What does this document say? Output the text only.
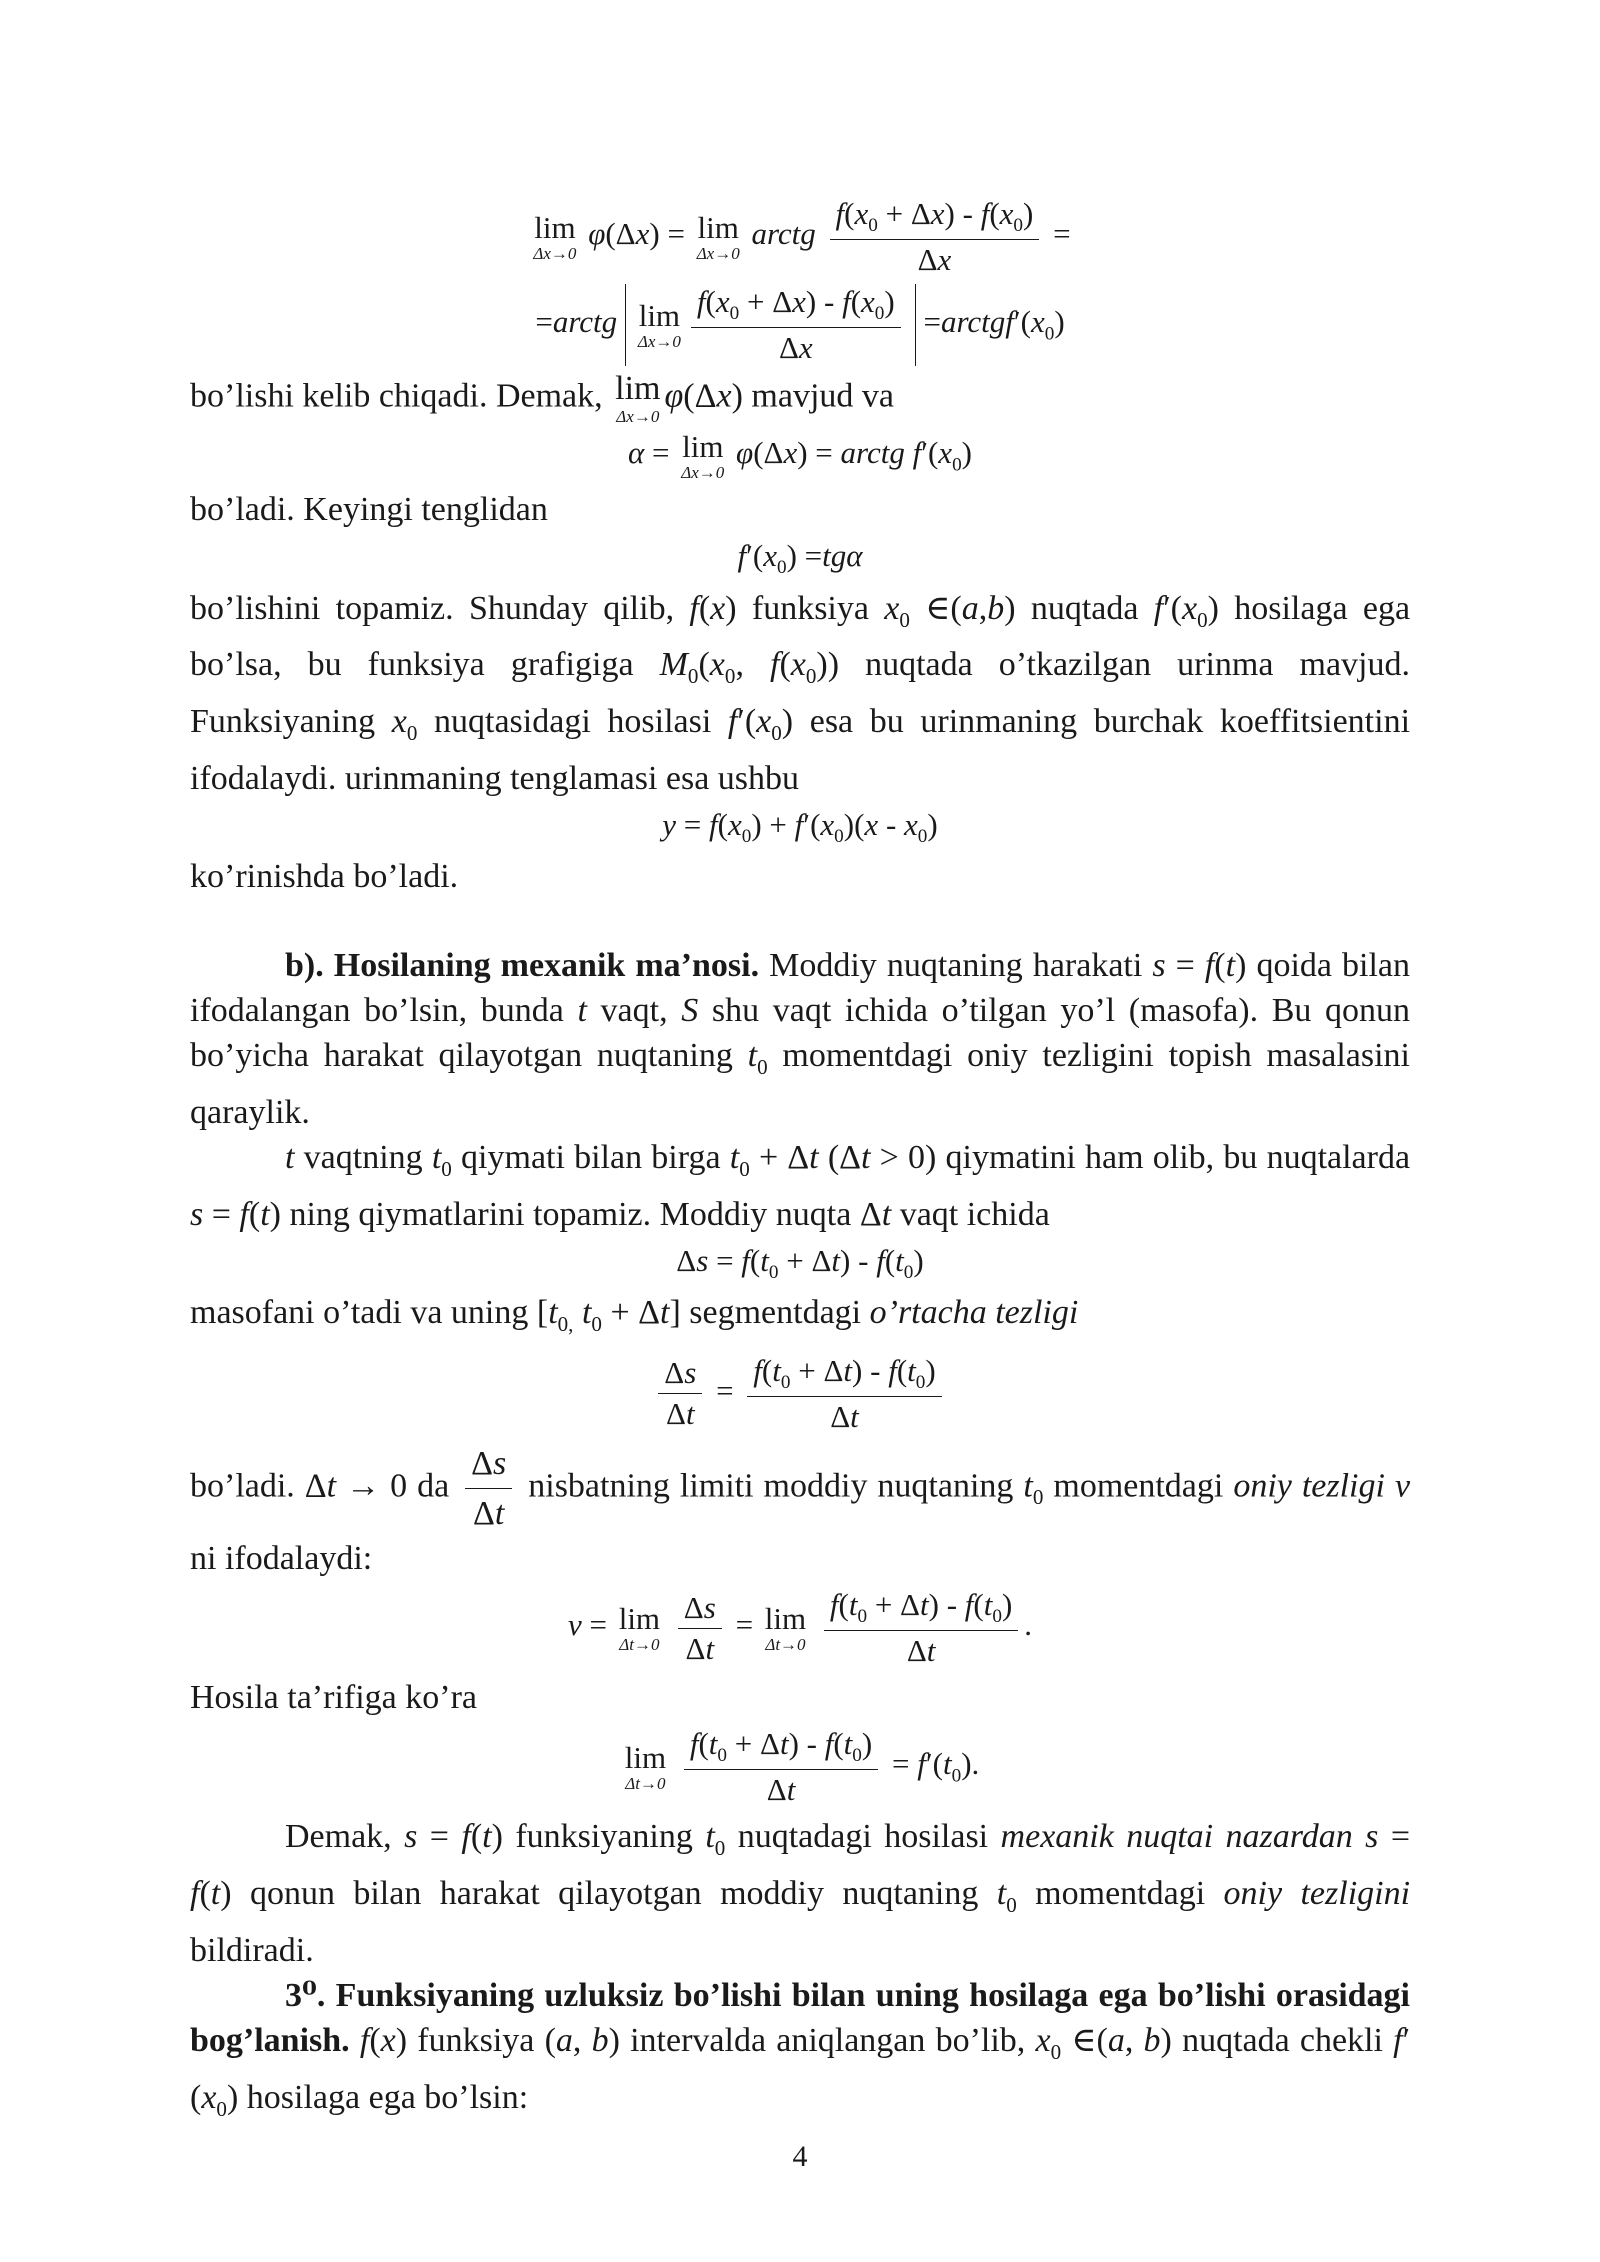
lim
Δx→0
φ(Δx) = lim
Δx→0
arctg $\frac{f(x_0 + \Delta x) - f(x_0)}{\Delta x}$ =
=arctg lim
$\Delta x\to 0 \frac{f(x_0 + \Delta x) - f(x_0)}{\Delta x}$ $=arctgf'(x_0)$

bo’lishi kelib chiqadi. Demak, lim
Δx→0
φ(Δx) mavjud va

α = lim
Δx→0
φ(Δx) = arctg $f'(x_0)$

bo’ladi. Keyingi tenglidan

$f'(x_0) =tg\alpha$

bo’lishini topamiz. Shunday qilib, f(x) funksiya $x_0$ ∈(a,b) nuqtada $f'(x_0)$ hosilaga ega bo’lsa, bu funksiya grafigiga $M_0(x_0$, $f(x_0)$) nuqtada o’tkazilgan urinma mavjud. Funksiyaning $x_0$ nuqtasidagi hosilasi $f'(x_0)$ esa bu urinmaning burchak koeffitsientini ifodalaydi. urinmaning tenglamasi esa ushbu

$y = f(x_0) + f'(x_0)(x - x_0)$

ko’rinishda bo’ladi.

b). Hosilaning mexanik ma’nosi. Moddiy nuqtaning harakati s = f(t) qoida bilan ifodalangan bo’lsin, bunda t vaqt, S shu vaqt ichida o’tilgan yo’l (masofa). Bu qonun bo’yicha harakat qilayotgan nuqtaning $t_0$ momentdagi oniy tezligini topish masalasini qaraylik.

t vaqtning $t_0$ qiymati bilan birga $t_0 + \Delta t$ (Δt > 0) qiymatini ham olib, bu nuqtalarda s = f(t) ning qiymatlarini topamiz. Moddiy nuqta Δt vaqt ichida

$\Delta s = f(t_0 + \Delta t) - f(t_0)$

masofani o’tadi va uning [$t_{0,}$ $t_0 + \Delta t$] segmentdagi o’rtacha tezligi

$\frac{\Delta s}{\Delta t} = \frac{f(t_0 + \Delta t) - f(t_0)}{\Delta t}$

bo’ladi. Δt → 0 da $\frac{\Delta s}{\Delta t}$ nisbatning limiti moddiy nuqtaning $t_0$ momentdagi oniy tezligi v ni ifodalaydi:

v = lim
Δt→0
$\frac{\Delta s}{\Delta t} = \lim$
Δt→0
$\frac{f(t_0 + \Delta t) - f(t_0)}{\Delta t}$ .

Hosila ta’rifiga ko’ra

lim
Δt→0
$\frac{f(t_0 + \Delta t) - f(t_0)}{\Delta t} = f'(t_0)$.

Demak, s = f(t) funksiyaning $t_0$ nuqtadagi hosilasi mexanik nuqtai nazardan s = f(t) qonun bilan harakat qilayotgan moddiy nuqtaning $t_0$ momentdagi oniy tezligini bildiradi.

3⁰. Funksiyaning uzluksiz bo’lishi bilan uning hosilaga ega bo’lishi orasidagi bog’lanish. f(x) funksiya (a, b) intervalda aniqlangan bo’lib, $x_0$ ∈(a, b) nuqtada chekli $f'(x_0)$ hosilaga ega bo’lsin:

4
